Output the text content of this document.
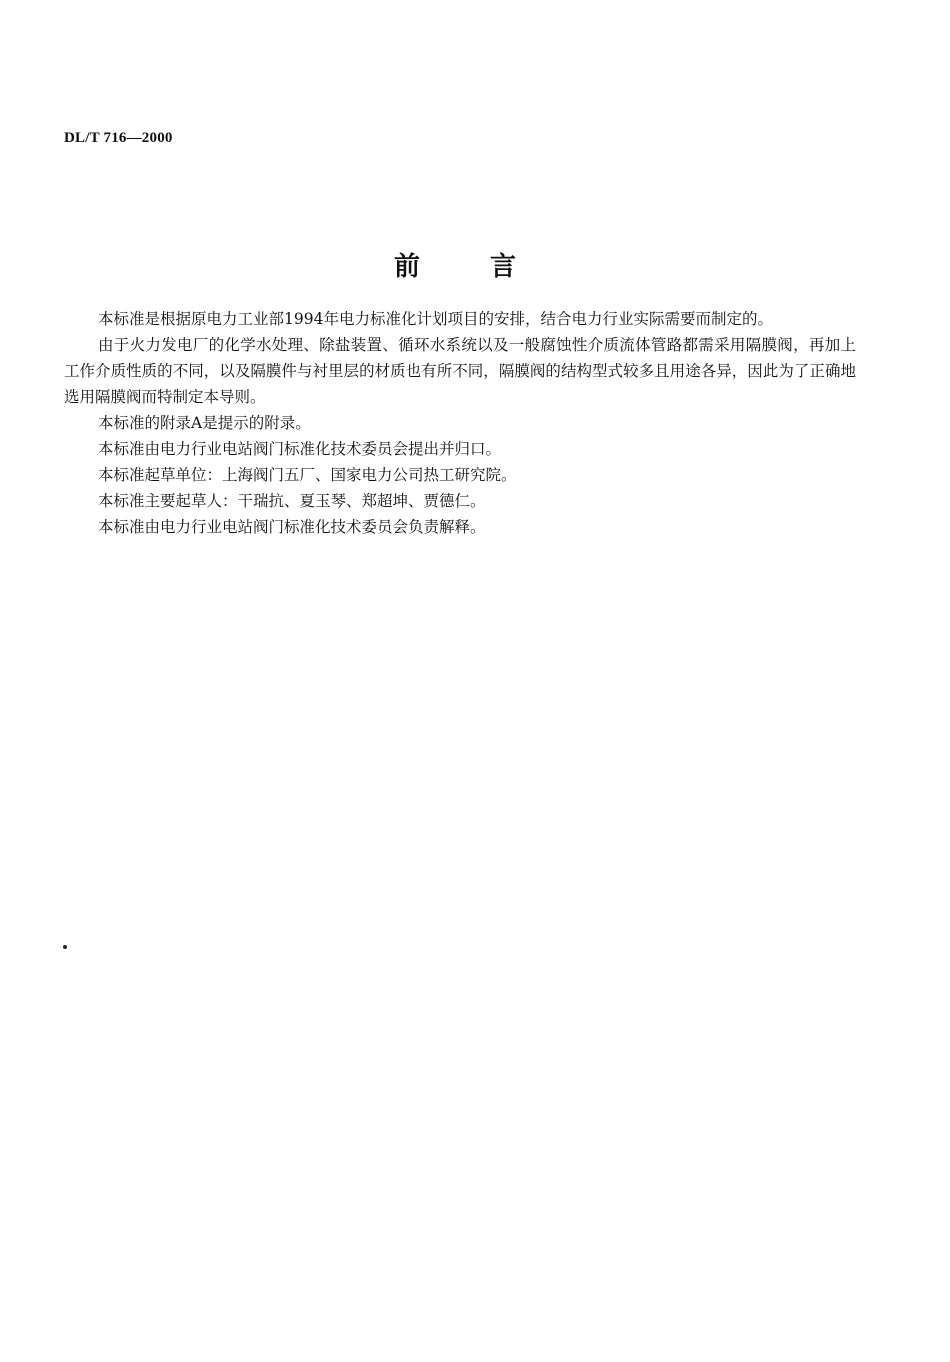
DL/T 716—2000
前言

本标准是根据原电力工业部1994年电力标准化计划项目的安排，结合电力行业实际需要而制定的。

由于火力发电厂的化学水处理、除盐装置、循环水系统以及一般腐蚀性介质流体管路都需采用隔膜阀，再加上工作介质性质的不同，以及隔膜件与衬里层的材质也有所不同，隔膜阀的结构型式较多且用途各异，因此为了正确地选用隔膜阀而特制定本导则。

本标准的附录A是提示的附录。

本标准由电力行业电站阀门标准化技术委员会提出并归口。

本标准起草单位：上海阀门五厂、国家电力公司热工研究院。

本标准主要起草人：干瑞抗、夏玉琴、郑超坤、贾德仁。

本标准由电力行业电站阀门标准化技术委员会负责解释。
